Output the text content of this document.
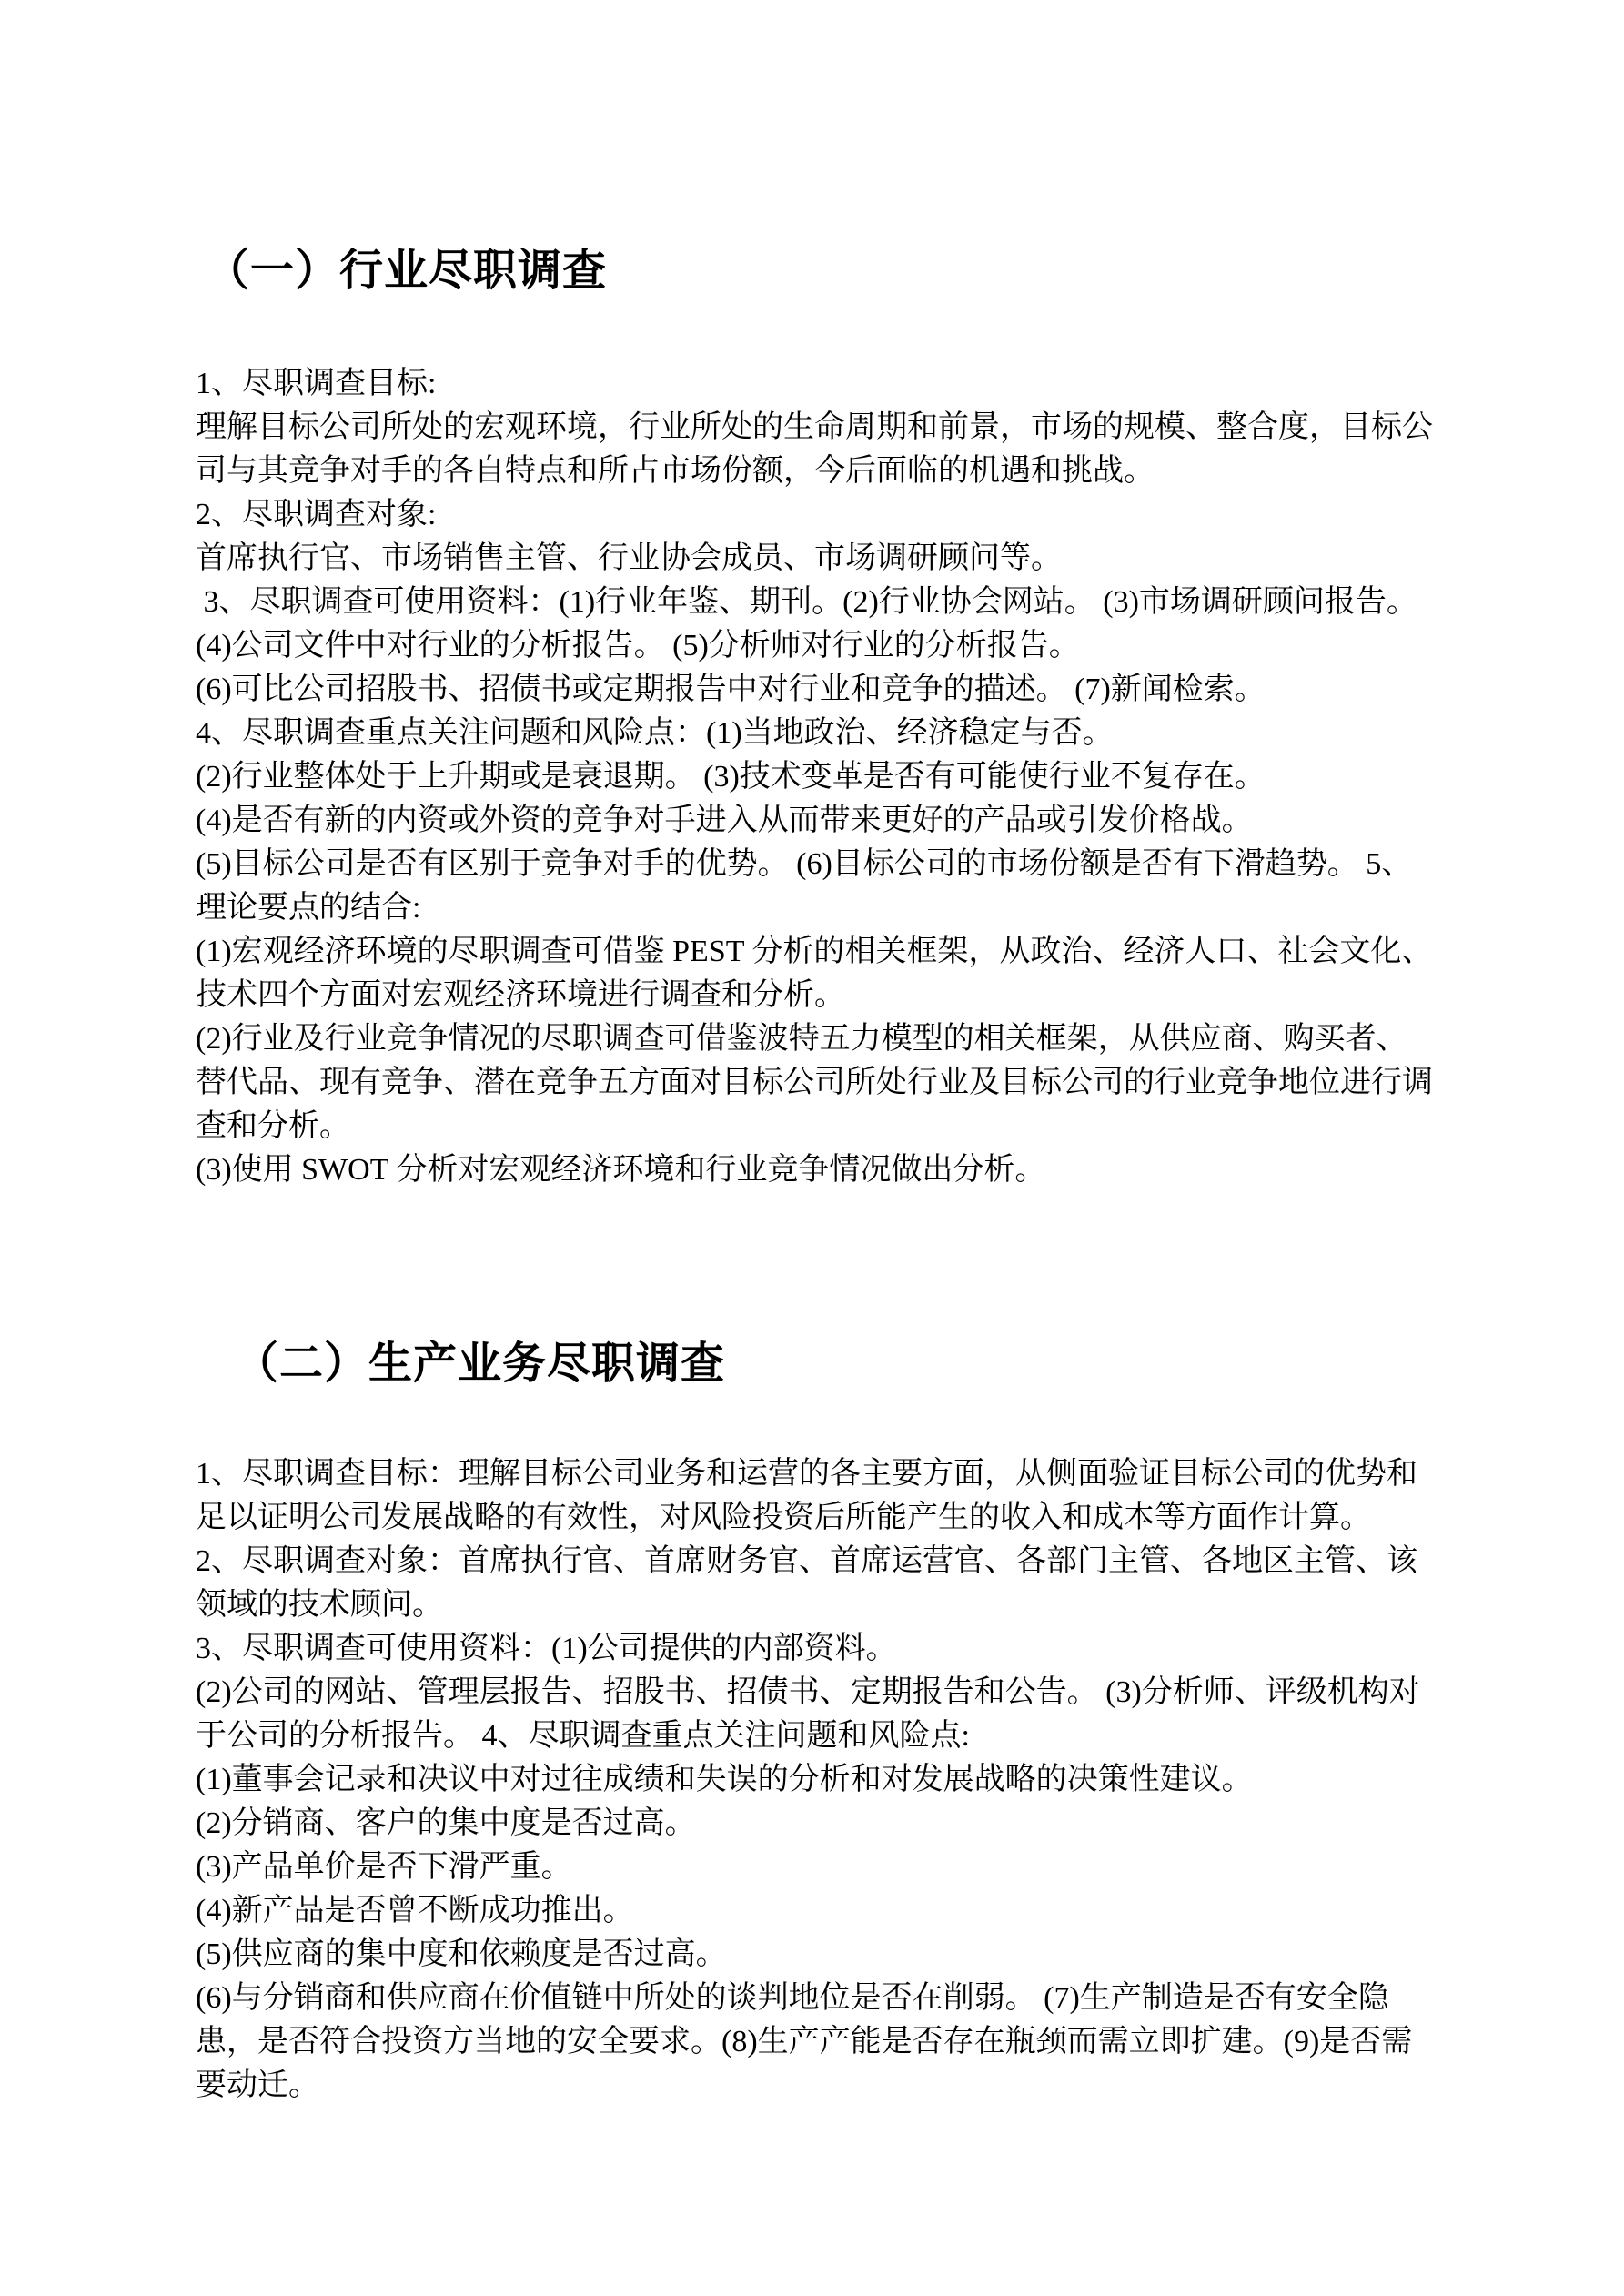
（一）行业尽职调查
1、尽职调查目标:
理解目标公司所处的宏观环境，行业所处的生命周期和前景，市场的规模、整合度，目标公
司与其竞争对手的各自特点和所占市场份额，今后面临的机遇和挑战。
2、尽职调查对象:
首席执行官、市场销售主管、行业协会成员、市场调研顾问等。
3、尽职调查可使用资料：(1)行业年鉴、期刊。(2)行业协会网站。 (3)市场调研顾问报告。
(4)公司文件中对行业的分析报告。 (5)分析师对行业的分析报告。
(6)可比公司招股书、招债书或定期报告中对行业和竞争的描述。 (7)新闻检索。
4、尽职调查重点关注问题和风险点：(1)当地政治、经济稳定与否。
(2)行业整体处于上升期或是衰退期。 (3)技术变革是否有可能使行业不复存在。
(4)是否有新的内资或外资的竞争对手进入从而带来更好的产品或引发价格战。
(5)目标公司是否有区别于竞争对手的优势。 (6)目标公司的市场份额是否有下滑趋势。 5、
理论要点的结合:
(1)宏观经济环境的尽职调查可借鉴 PEST 分析的相关框架，从政治、经济人口、社会文化、
技术四个方面对宏观经济环境进行调查和分析。
(2)行业及行业竞争情况的尽职调查可借鉴波特五力模型的相关框架，从供应商、购买者、
替代品、现有竞争、潜在竞争五方面对目标公司所处行业及目标公司的行业竞争地位进行调
查和分析。
(3)使用 SWOT 分析对宏观经济环境和行业竞争情况做出分析。
（二）生产业务尽职调查
1、尽职调查目标：理解目标公司业务和运营的各主要方面，从侧面验证目标公司的优势和
足以证明公司发展战略的有效性，对风险投资后所能产生的收入和成本等方面作计算。
2、尽职调查对象：首席执行官、首席财务官、首席运营官、各部门主管、各地区主管、该
领域的技术顾问。
3、尽职调查可使用资料：(1)公司提供的内部资料。
(2)公司的网站、管理层报告、招股书、招债书、定期报告和公告。 (3)分析师、评级机构对
于公司的分析报告。 4、尽职调查重点关注问题和风险点:
(1)董事会记录和决议中对过往成绩和失误的分析和对发展战略的决策性建议。
(2)分销商、客户的集中度是否过高。
(3)产品单价是否下滑严重。
(4)新产品是否曾不断成功推出。
(5)供应商的集中度和依赖度是否过高。
(6)与分销商和供应商在价值链中所处的谈判地位是否在削弱。 (7)生产制造是否有安全隐
患，是否符合投资方当地的安全要求。(8)生产产能是否存在瓶颈而需立即扩建。(9)是否需
要动迁。
